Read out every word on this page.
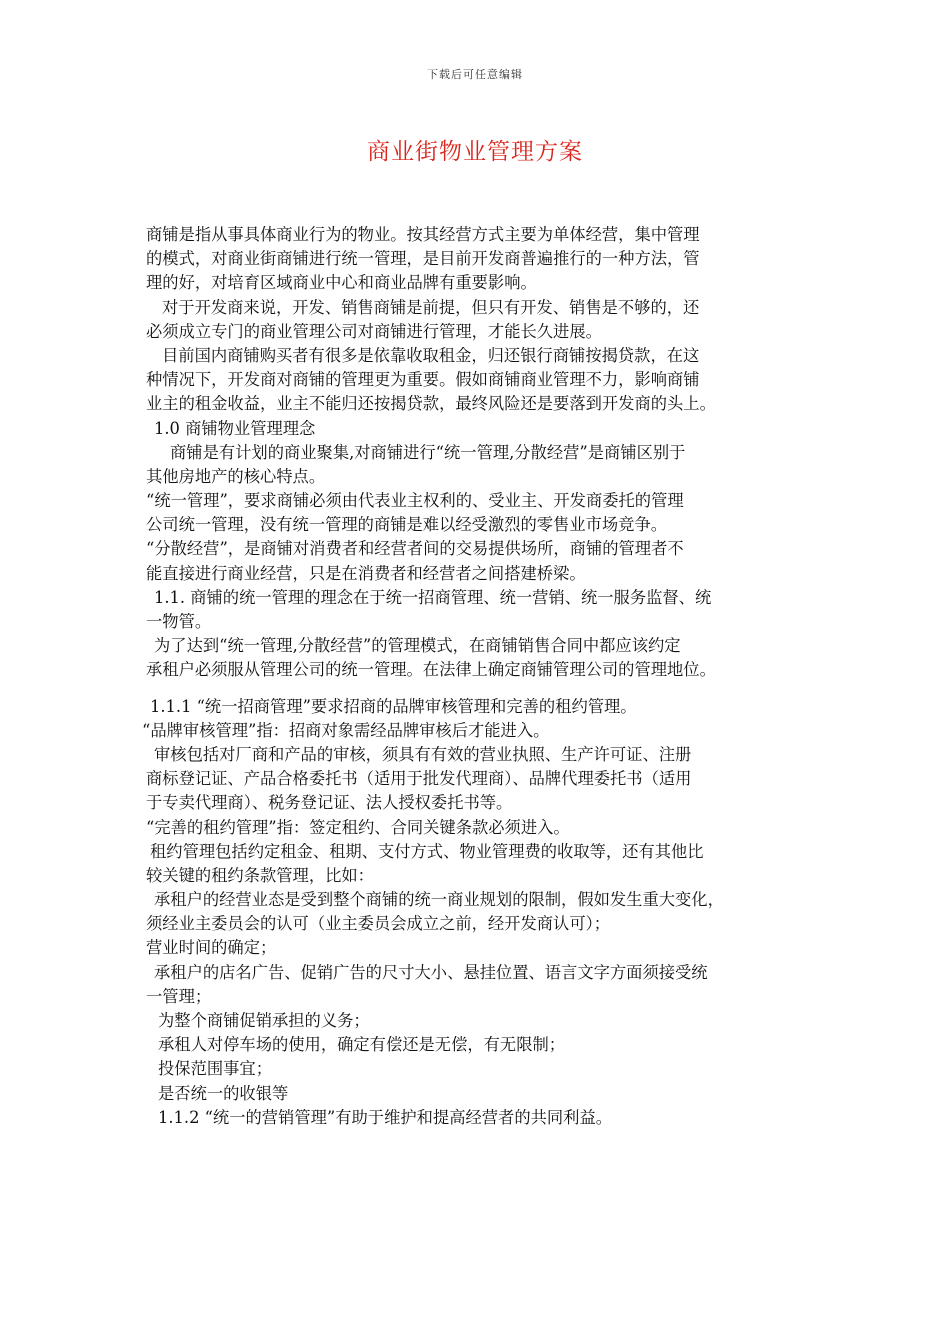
下载后可任意编辑
商业街物业管理方案
商铺是指从事具体商业行为的物业。按其经营方式主要为单体经营，集中管理
的模式，对商业街商铺进行统一管理，是目前开发商普遍推行的一种方法，管
理的好，对培育区域商业中心和商业品牌有重要影响。
对于开发商来说，开发、销售商铺是前提，但只有开发、销售是不够的，还
必须成立专门的商业管理公司对商铺进行管理，才能长久进展。
目前国内商铺购买者有很多是依靠收取租金，归还银行商铺按揭贷款，在这
种情况下，开发商对商铺的管理更为重要。假如商铺商业管理不力，影响商铺
业主的租金收益，业主不能归还按揭贷款，最终风险还是要落到开发商的头上。
1.0 商铺物业管理理念
商铺是有计划的商业聚集,对商铺进行“统一管理,分散经营”是商铺区别于
其他房地产的核心特点。
“统一管理”，要求商铺必须由代表业主权利的、受业主、开发商委托的管理
公司统一管理，没有统一管理的商铺是难以经受激烈的零售业市场竞争。
“分散经营”，是商铺对消费者和经营者间的交易提供场所，商铺的管理者不
能直接进行商业经营，只是在消费者和经营者之间搭建桥梁。
1.1. 商铺的统一管理的理念在于统一招商管理、统一营销、统一服务监督、统
一物管。
为了达到“统一管理,分散经营”的管理模式，在商铺销售合同中都应该约定
承租户必须服从管理公司的统一管理。在法律上确定商铺管理公司的管理地位。
1.1.1 “统一招商管理”要求招商的品牌审核管理和完善的租约管理。
“品牌审核管理”指：招商对象需经品牌审核后才能进入。
审核包括对厂商和产品的审核，须具有有效的营业执照、生产许可证、注册
商标登记证、产品合格委托书（适用于批发代理商）、品牌代理委托书（适用
于专卖代理商）、税务登记证、法人授权委托书等。
“完善的租约管理”指：签定租约、合同关键条款必须进入。
租约管理包括约定租金、租期、支付方式、物业管理费的收取等，还有其他比
较关键的租约条款管理，比如：
承租户的经营业态是受到整个商铺的统一商业规划的限制，假如发生重大变化，
须经业主委员会的认可（业主委员会成立之前，经开发商认可）；
营业时间的确定；
承租户的店名广告、促销广告的尺寸大小、悬挂位置、语言文字方面须接受统
一管理；
为整个商铺促销承担的义务；
承租人对停车场的使用，确定有偿还是无偿，有无限制；
投保范围事宜；
是否统一的收银等
1.1.2 “统一的营销管理”有助于维护和提高经营者的共同利益。
